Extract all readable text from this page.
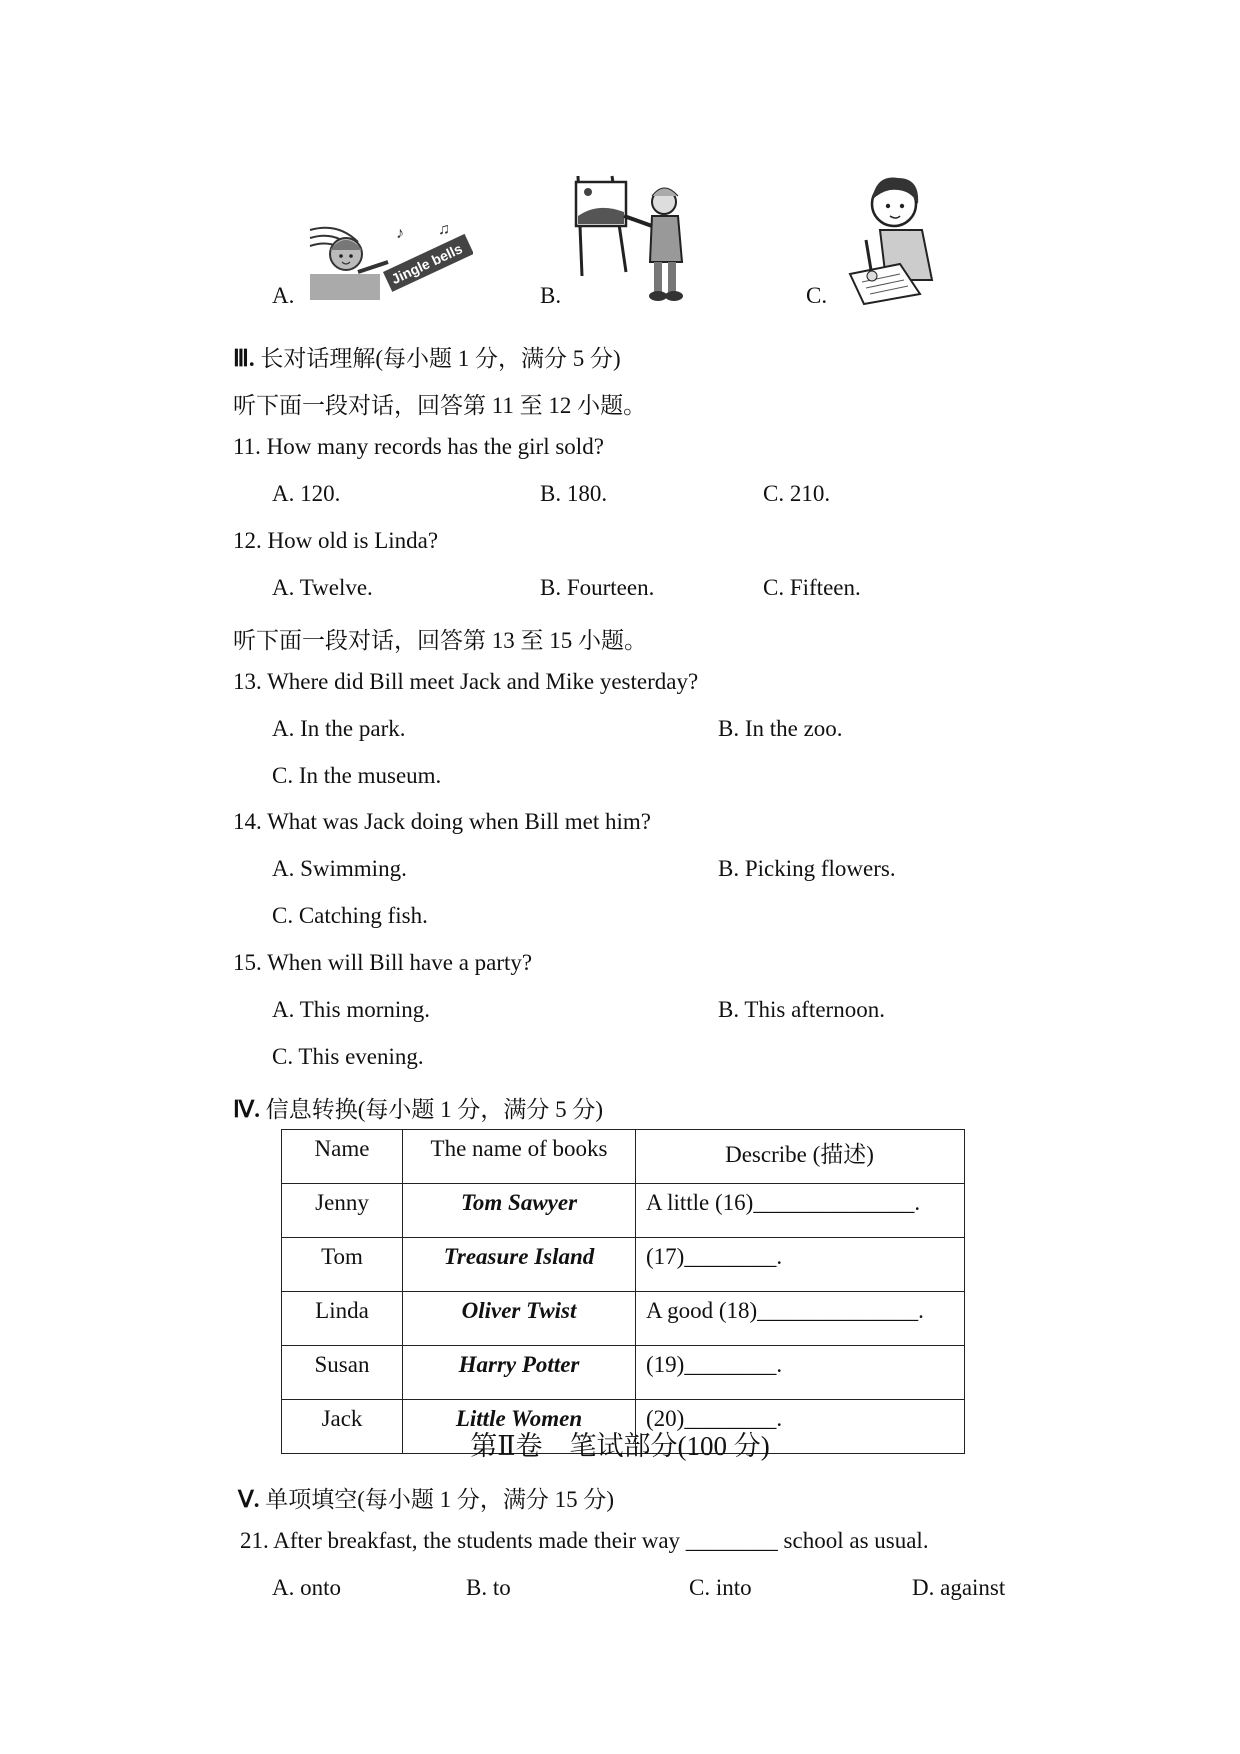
A.
Jingle bells
♪ ♫
B.	C.
Ⅲ. 长对话理解(每小题 1 分，满分 5 分)
听下面一段对话，回答第 11 至 12 小题。
11. How many records has the girl sold?
A. 120.	B. 180.	C. 210.
12. How old is Linda?
A. Twelve.	B. Fourteen.	C. Fifteen.
听下面一段对话，回答第 13 至 15 小题。
13. Where did Bill meet Jack and Mike yesterday?
A. In the park.	B. In the zoo.
C. In the museum.
14. What was Jack doing when Bill met him?
A. Swimming.	B. Picking flowers.
C. Catching fish.
15. When will Bill have a party?
A. This morning.	B. This afternoon.
C. This evening.
Ⅳ. 信息转换(每小题 1 分，满分 5 分)
Name	The name of books	Describe (描述)
Jenny	Tom Sawyer	A little (16)______________.
Tom	Treasure Island	(17)________.
Linda	Oliver Twist	A good (18)______________.
Susan	Harry Potter	(19)________.
Jack	Little Women	(20)________.
第Ⅱ卷　笔试部分(100 分)
Ⅴ. 单项填空(每小题 1 分，满分 15 分)
21. After breakfast, the students made their way ________ school as usual.
A. onto	B. to	C. into	D. against
